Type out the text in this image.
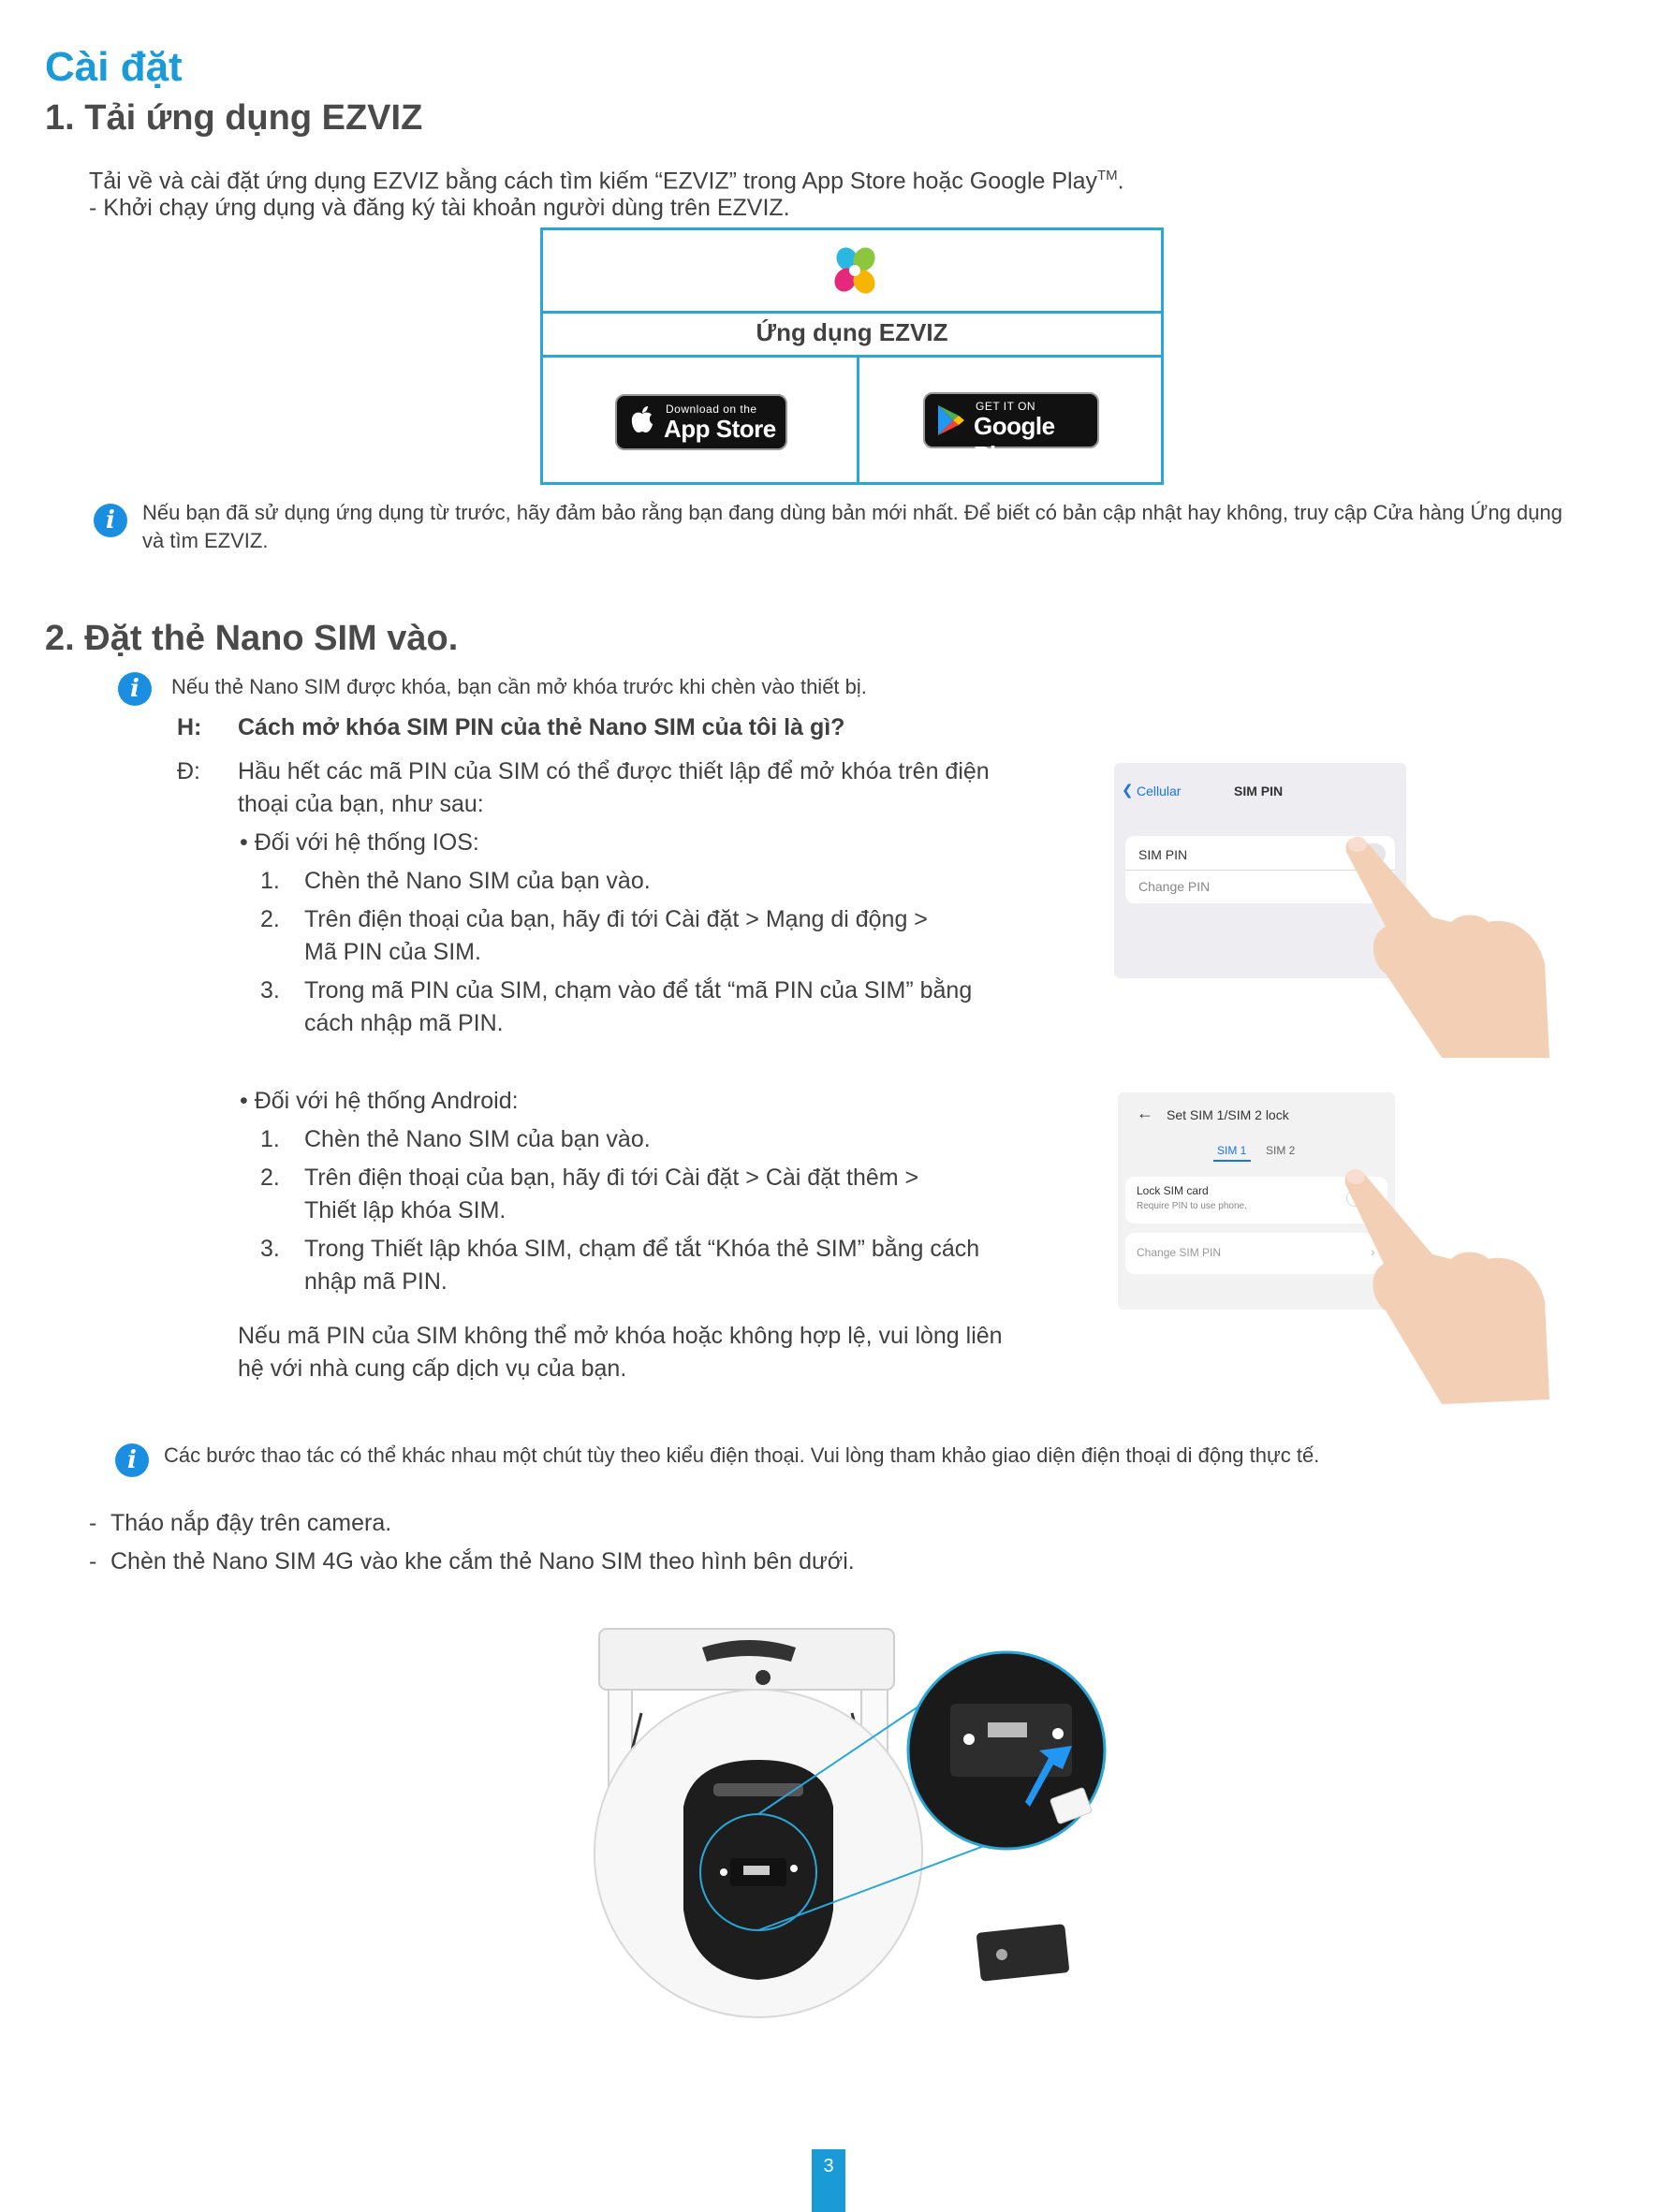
Cài đặt
1. Tải ứng dụng EZVIZ
Tải về và cài đặt ứng dụng EZVIZ bằng cách tìm kiếm “EZVIZ” trong App Store hoặc Google Play™.
- Khởi chạy ứng dụng và đăng ký tài khoản người dùng trên EZVIZ.
Ứng dụng EZVIZ
Download on the
App Store
GET IT ON
Google Play
i	Nếu bạn đã sử dụng ứng dụng từ trước, hãy đảm bảo rằng bạn đang dùng bản mới nhất. Để biết có bản cập nhật hay không, truy cập Cửa hàng Ứng dụng
và tìm EZVIZ.
2. Đặt thẻ Nano SIM vào.
i	Nếu thẻ Nano SIM được khóa, bạn cần mở khóa trước khi chèn vào thiết bị.
H: Cách mở khóa SIM PIN của thẻ Nano SIM của tôi là gì?
Đ: Hầu hết các mã PIN của SIM có thể được thiết lập để mở khóa trên điện
thoại của bạn, như sau:
• Đối với hệ thống IOS:
1. Chèn thẻ Nano SIM của bạn vào.
2. Trên điện thoại của bạn, hãy đi tới Cài đặt > Mạng di động >
Mã PIN của SIM.
3. Trong mã PIN của SIM, chạm vào để tắt “mã PIN của SIM” bằng
cách nhập mã PIN.
• Đối với hệ thống Android:
1. Chèn thẻ Nano SIM của bạn vào.
2. Trên điện thoại của bạn, hãy đi tới Cài đặt > Cài đặt thêm >
Thiết lập khóa SIM.
3. Trong Thiết lập khóa SIM, chạm để tắt “Khóa thẻ SIM” bằng cách
nhập mã PIN.
Nếu mã PIN của SIM không thể mở khóa hoặc không hợp lệ, vui lòng liên
hệ với nhà cung cấp dịch vụ của bạn.
❮ Cellular	SIM PIN
SIM PIN
Change PIN
← Set SIM 1/SIM 2 lock
SIM 1 SIM 2
Lock SIM card
Require PIN to use phone.
Change SIM PIN	›
i	Các bước thao tác có thể khác nhau một chút tùy theo kiểu điện thoại. Vui lòng tham khảo giao diện điện thoại di động thực tế.
- Tháo nắp đậy trên camera.
- Chèn thẻ Nano SIM 4G vào khe cắm thẻ Nano SIM theo hình bên dưới.
3
